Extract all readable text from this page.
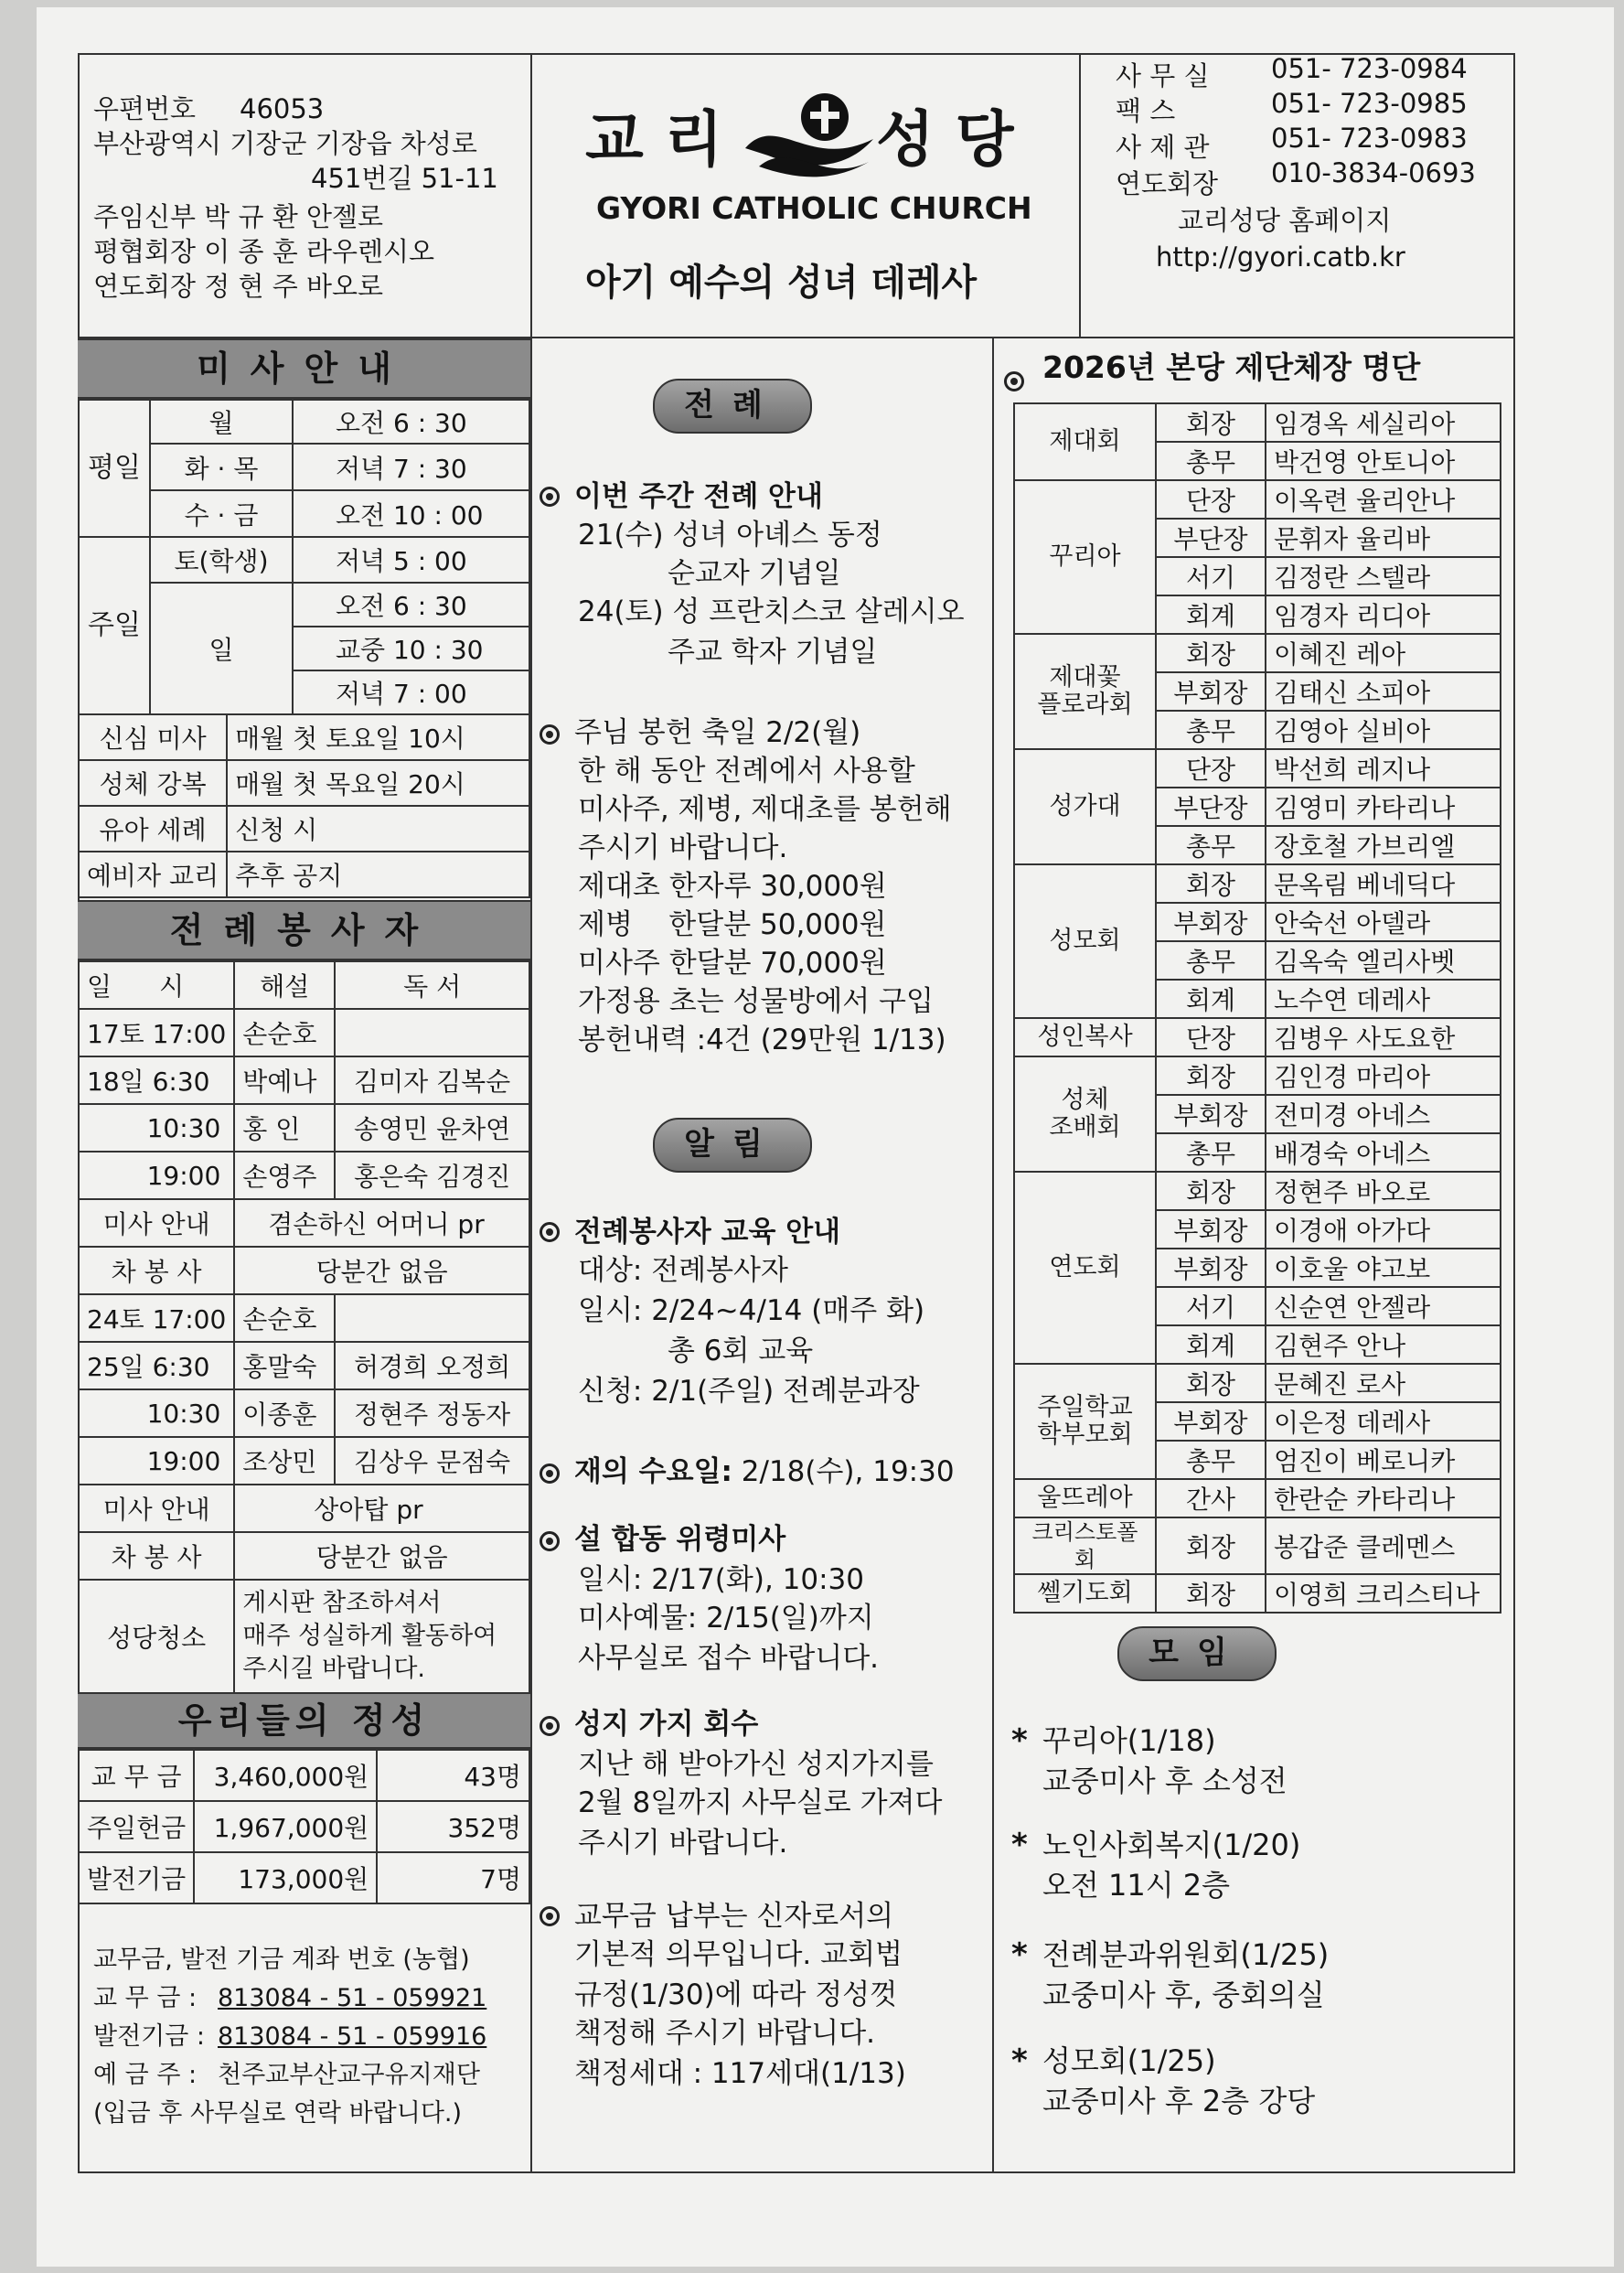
우편번호 46053
부산광역시 기장군 기장읍 차성로
451번길 51-11
주임신부 박 규 환 안젤로
평협회장 이 종 훈 라우렌시오
연도회장 정 현 주 바오로
교 리	성 당
GYORI CATHOLIC CHURCH
아기 예수의 성녀 데레사
사 무 실 051- 723-0984
팩 스	051- 723-0985
사 제 관 051- 723-0983
연도회장 010-3834-0693
교리성당 홈페이지
http://gyori.catb.kr
미사안내
평일	월	오전 6 : 30
	화 · 목	저녁 7 : 30
	수 · 금	오전 10 : 00
주일	토(학생)	저녁 5 : 00
	일	오전 6 : 30
		교중 10 : 30
		저녁 7 : 00
신심 미사	매월 첫 토요일 10시
성체 강복	매월 첫 목요일 20시
유아 세례	신청 시
예비자 교리	추후 공지
전례봉사자
일 시	해설	독 서
17토 17:00	손순호	
18일 6:30	박예나	김미자 김복순
10:30	홍 인	송영민 윤차연
19:00	손영주	홍은숙 김경진
미사 안내	겸손하신 어머니 pr	
차 봉 사	당분간 없음	
24토 17:00	손순호	
25일 6:30	홍말숙	허경희 오정희
10:30	이종훈	정현주 정동자
19:00	조상민	김상우 문점숙
미사 안내	상아탑 pr	
차 봉 사	당분간 없음	
성당청소	게시판 참조하셔서
매주 성실하게 활동하여
주시길 바랍니다.	
우리들의 정성
교 무 금	3,460,000원	43명
주일헌금	1,967,000원	352명
발전기금	173,000원	7명
교무금, 발전 기금 계좌 번호 (농협)
교 무 금 : 813084 - 51 - 059921
발전기금 : 813084 - 51 - 059916
예 금 주 : 천주교부산교구유지재단
(입금 후 사무실로 연락 바랍니다.)
전례
이번 주간 전례 안내
21(수) 성녀 아녜스 동정
순교자 기념일
24(토) 성 프란치스코 살레시오
주교 학자 기념일
주님 봉헌 축일 2/2(월)
한 해 동안 전례에서 사용할
미사주, 제병, 제대초를 봉헌해
주시기 바랍니다.
제대초 한자루 30,000원
제병    한달분 50,000원
미사주 한달분 70,000원
가정용 초는 성물방에서 구입
봉헌내력 :4건 (29만원 1/13)
알림
전례봉사자 교육 안내
대상: 전례봉사자
일시: 2/24~4/14 (매주 화)
총 6회 교육
신청: 2/1(주일) 전례분과장
재의 수요일: 2/18(수), 19:30
설 합동 위령미사
일시: 2/17(화), 10:30
미사예물: 2/15(일)까지
사무실로 접수 바랍니다.
성지 가지 회수
지난 해 받아가신 성지가지를
2월 8일까지 사무실로 가져다
주시기 바랍니다.
교무금 납부는 신자로서의
기본적 의무입니다. 교회법
규정(1/30)에 따라 정성껏
책정해 주시기 바랍니다.
책정세대 : 117세대(1/13)
2026년 본당 제단체장 명단
제대회	회장	임경옥 세실리아
	총무	박건영 안토니아
꾸리아	단장	이옥련 율리안나
	부단장	문휘자 율리바
	서기	김정란 스텔라
	회계	임경자 리디아
제대꽃
플로라회	회장	이혜진 레아
	부회장	김태신 소피아
	총무	김영아 실비아
성가대	단장	박선희 레지나
	부단장	김영미 카타리나
	총무	장호철 가브리엘
성모회	회장	문옥림 베네딕다
	부회장	안숙선 아델라
	총무	김옥숙 엘리사벳
	회계	노수연 데레사
성인복사	단장	김병우 사도요한
성체
조배회	회장	김인경 마리아
	부회장	전미경 아네스
	총무	배경숙 아네스
연도회	회장	정현주 바오로
	부회장	이경애 아가다
	부회장	이호울 야고보
	서기	신순연 안젤라
	회계	김현주 안나
주일학교
학부모회	회장	문혜진 로사
	부회장	이은정 데레사
	총무	엄진이 베로니카
울뜨레아	간사	한란순 카타리나
크리스토폴회	회장	봉갑준 클레멘스
쎌기도회	회장	이영희 크리스티나
모임
* 꾸리아(1/18)
교중미사 후 소성전
* 노인사회복지(1/20)
오전 11시 2층
* 전례분과위원회(1/25)
교중미사 후, 중회의실
* 성모회(1/25)
교중미사 후 2층 강당
